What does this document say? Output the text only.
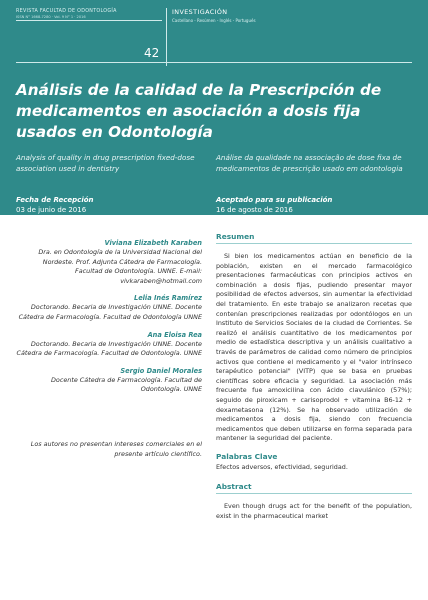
REVISTA FACULTAD DE ODONTOLOGÍA
ISSN N° 1668-7280 · Vol. 9 N° 1 · 2016
42
INVESTIGACIÓN
Castellano - Resúmen - Inglés - Portugués
Análisis de la calidad de la Prescripción de medicamentos en asociación a dosis fija usados en Odontología

Analysis of quality in drug prescription fixed-dose association used in dentistry

Análise da qualidade na associação de dose fixa de medicamentos de prescrição usado em odontologia

Fecha de Recepción
03 de junio de 2016
Aceptado para su publicación
16 de agosto de 2016
Viviana Elizabeth Karaben
Dra. en Odontología de la Universidad Nacional del Nordeste. Prof. Adjunta Cátedra de Farmacología. Facultad de Odontología. UNNE. E-mail: vivkaraben@hotmail.com
Lelia Inés Ramírez
Doctorando. Becaria de Investigación UNNE. Docente Cátedra de Farmacología. Facultad de Odontología UNNE
Ana Eloisa Rea
Doctorando. Becaria de Investigación UNNE. Docente Cátedra de Farmacología. Facultad de Odontología. UNNE
Sergio Daniel Morales
Docente Cátedra de Farmacología. Facultad de Odontología. UNNE
Los autores no presentan intereses comerciales en el presente artículo científico.
Resumen

Si bien los medicamentos actúan en beneficio de la población, existen en el mercado farmacológico presentaciones farmacéuticas con principios activos en combinación a dosis fijas, pudiendo presentar mayor posibilidad de efectos adversos, sin aumentar la efectividad del tratamiento. En este trabajo se analizaron recetas que contenían prescripciones realizadas por odontólogos en un Instituto de Servicios Sociales de la ciudad de Corrientes. Se realizó el análisis cuantitativo de los medicamentos por medio de estadística descriptiva y un análisis cualitativo a través de parámetros de calidad como número de principios activos que contiene el medicamento y el "valor intrínseco terapéutico potencial" (VITP) que se basa en pruebas científicas sobre eficacia y seguridad. La asociación más frecuente fue amoxicilina con ácido clavulánico (57%); seguido de piroxicam + carisoprodol + vitamina B6-12 + dexametasona (12%). Se ha observado utilización de medicamentos a dosis fija, siendo con frecuencia medicamentos que deben utilizarse en forma separada para mantener la seguridad del paciente.

Palabras Clave

Efectos adversos, efectividad, seguridad.

Abstract

Even though drugs act for the benefit of the population, exist in the pharmaceutical market
